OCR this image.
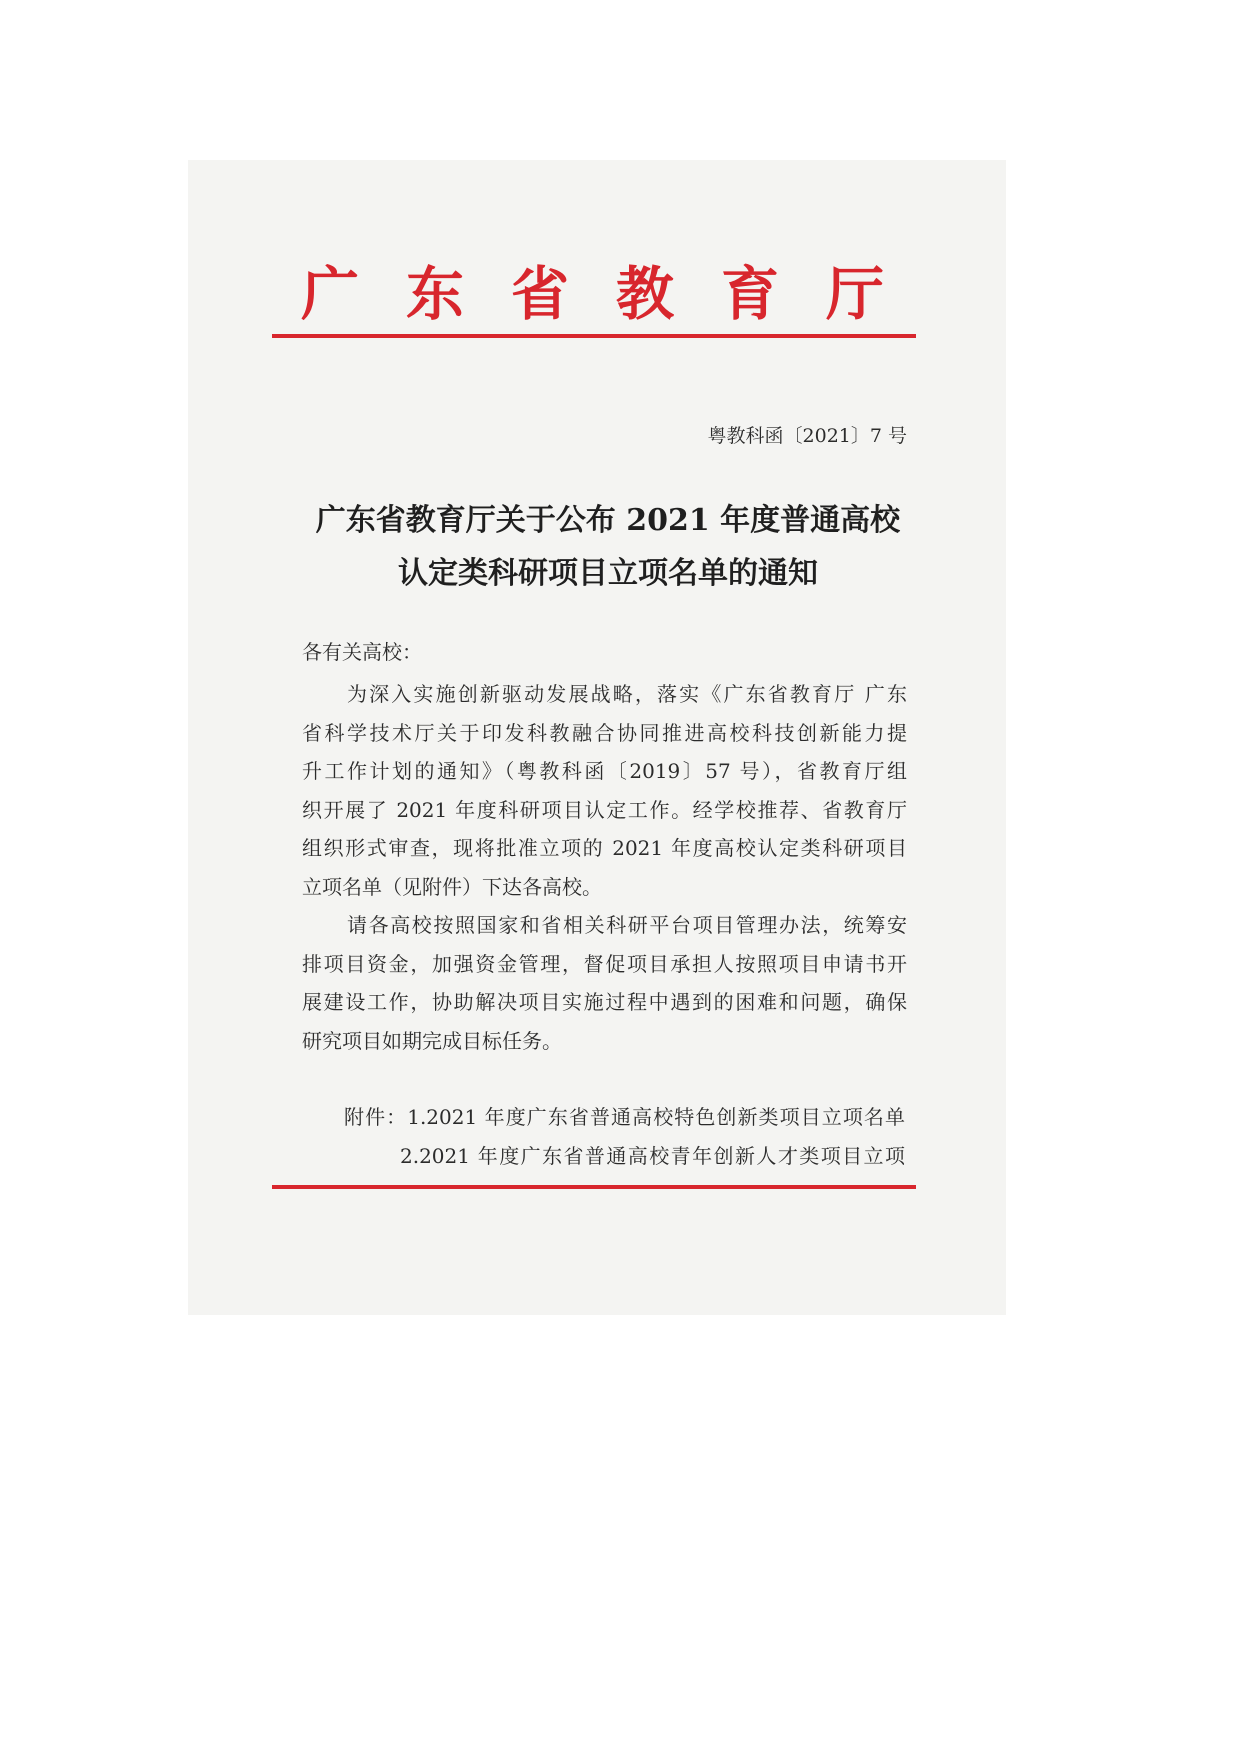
广东省教育厅
粤教科函〔2021〕7 号
广东省教育厅关于公布 2021 年度普通高校
认定类科研项目立项名单的通知
各有关高校：
为深入实施创新驱动发展战略，落实《广东省教育厅 广东
省科学技术厅关于印发科教融合协同推进高校科技创新能力提
升工作计划的通知》（粤教科函〔2019〕57 号），省教育厅组
织开展了 2021 年度科研项目认定工作。经学校推荐、省教育厅
组织形式审查，现将批准立项的 2021 年度高校认定类科研项目
立项名单（见附件）下达各高校。
请各高校按照国家和省相关科研平台项目管理办法，统筹安
排项目资金，加强资金管理，督促项目承担人按照项目申请书开
展建设工作，协助解决项目实施过程中遇到的困难和问题，确保
研究项目如期完成目标任务。
附件：1.2021 年度广东省普通高校特色创新类项目立项名单
2.2021 年度广东省普通高校青年创新人才类项目立项
